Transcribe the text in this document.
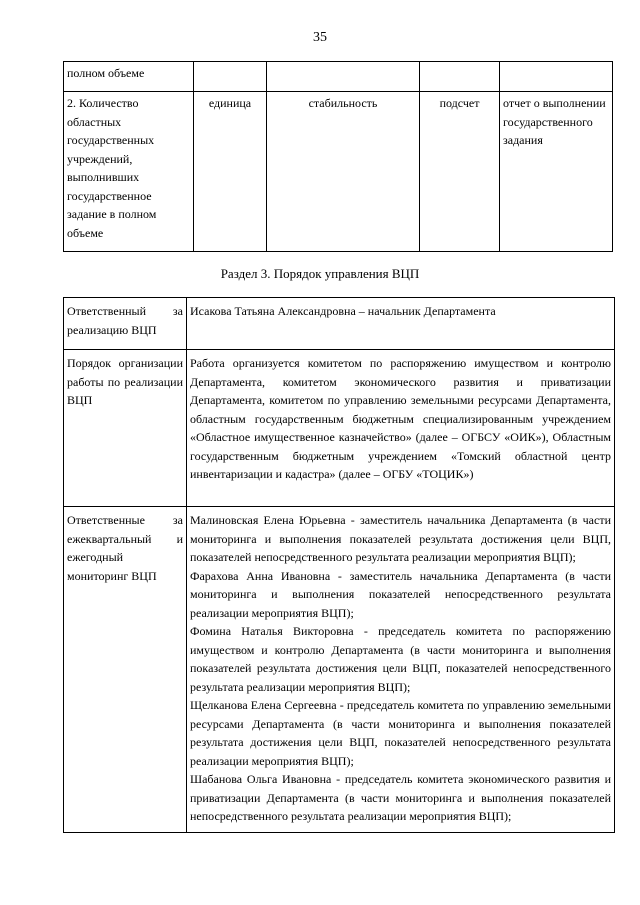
35
полном объеме				
2. Количество областных государственных учреждений, выполнивших государственное задание в полном объеме	единица	стабильность	подсчет	отчет о выполнении государственного задания
Раздел 3. Порядок управления ВЦП
Ответственный за реализацию ВЦП	Исакова Татьяна Александровна – начальник Департамента
Порядок организации работы по реализации ВЦП	Работа организуется комитетом по распоряжению имуществом и контролю Департамента, комитетом экономического развития и приватизации Департамента, комитетом по управлению земельными ресурсами Департамента, областным государственным бюджетным специализированным учреждением «Областное имущественное казначейство» (далее – ОГБСУ «ОИК»), Областным государственным бюджетным учреждением «Томский областной центр инвентаризации и кадастра» (далее – ОГБУ «ТОЦИК»)
Ответственные за ежеквартальный и ежегодный мониторинг ВЦП	Малиновская Елена Юрьевна - заместитель начальника Департамента (в части мониторинга и выполнения показателей результата достижения цели ВЦП, показателей непосредственного результата реализации мероприятия ВЦП);
Фарахова Анна Ивановна - заместитель начальника Департамента (в части мониторинга и выполнения показателей непосредственного результата реализации мероприятия ВЦП);
Фомина Наталья Викторовна - председатель комитета по распоряжению имуществом и контролю Департамента (в части мониторинга и выполнения показателей результата достижения цели ВЦП, показателей непосредственного результата реализации мероприятия ВЦП);
Щелканова Елена Сергеевна - председатель комитета по управлению земельными ресурсами Департамента (в части мониторинга и выполнения показателей результата достижения цели ВЦП, показателей непосредственного результата реализации мероприятия ВЦП);
Шабанова Ольга Ивановна - председатель комитета экономического развития и приватизации Департамента (в части мониторинга и выполнения показателей непосредственного результата реализации мероприятия ВЦП);
